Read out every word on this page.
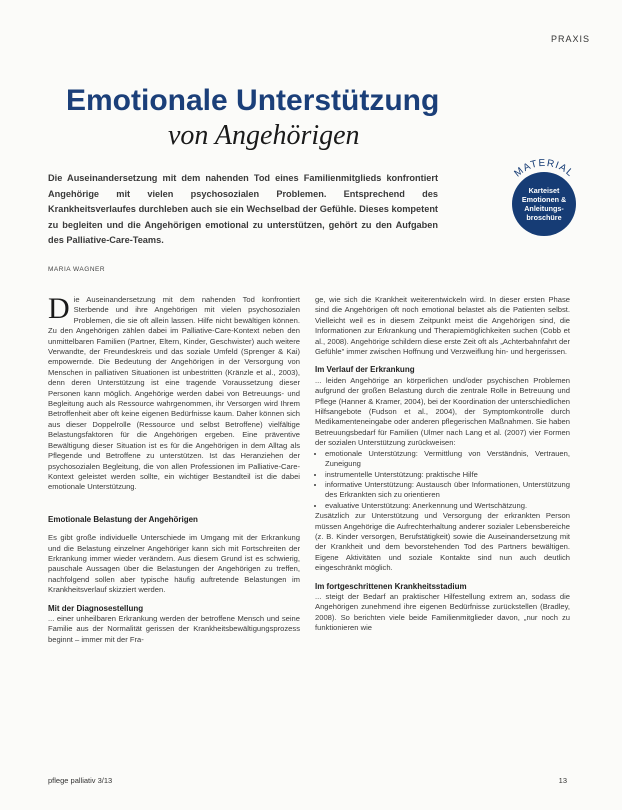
PRAXIS
Emotionale Unterstützung
von Angehörigen

Die Auseinandersetzung mit dem nahenden Tod eines Familienmitglieds konfrontiert Angehörige mit vielen psychosozialen Problemen. Entsprechend des Krankheitsverlaufes durchleben auch sie ein Wechselbad der Gefühle. Dieses kompetent zu begleiten und die Angehörigen emotional zu unterstützen, gehört zu den Aufgaben des Palliative-Care-Teams.

MATERIAL
Karteiset Emotionen & Anleitungs-broschüre
MARIA WAGNER

Die Auseinandersetzung mit dem nahenden Tod konfrontiert Sterbende und ihre Angehörigen mit vielen psychosozialen Problemen, die sie oft allein lassen. Hilfe nicht bewältigen können. Zu den Angehörigen zählen dabei im Palliative-Care-Kontext neben den unmittelbaren Familien (Partner, Eltern, Kinder, Geschwister) auch weitere Verwandte, der Freundeskreis und das soziale Umfeld (Sprenger & Kai) empowernde. Die Bedeutung der Angehörigen in der Versorgung von Menschen in palliativen Situationen ist unbestritten (Kränzle et al., 2003), denn deren Unterstützung ist eine tragende Voraussetzung dieser Personen kann möglich. Angehörige werden dabei von Betreuungs- und Begleitung auch als Ressource wahrgenommen, ihr Versorgen wird Ihrem Betroffenheit aber oft keine eigenen Bedürfnisse kaum. Daher können sich aus dieser Doppelrolle (Ressource und selbst Betroffene) vielfältige Belastungsfaktoren für die Angehörigen ergeben. Eine präventive Bewältigung dieser Situation ist es für die Angehörigen in dem Alltag als Pflegende und Betroffene zu unterstützen. Ist das Heranziehen der psychosozialen Begleitung, die von allen Professionen im Palliative-Care-Kontext geleistet werden sollte, ein wichtiger Bestandteil ist die dabei emotionale Unterstützung.

Emotionale Belastung der Angehörigen

Es gibt große individuelle Unterschiede im Umgang mit der Erkrankung und die Belastung einzelner Angehöriger kann sich mit Fortschreiten der Erkrankung immer wieder verändern. Aus diesem Grund ist es schwierig, pauschale Aussagen über die Belastungen der Angehörigen zu treffen, nachfolgend sollen aber typische häufig auftretende Belastungen im Krankheitsverlauf skizziert werden.

Mit der Diagnosestellung

... einer unheilbaren Erkrankung werden der betroffene Mensch und seine Familie aus der Normalität gerissen der Krankheitsbewältigungsprozess beginnt – immer mit der Fra-

ge, wie sich die Krankheit weiterentwickeln wird. In dieser ersten Phase sind die Angehörigen oft noch emotional belastet als die Patienten selbst. Vielleicht weil es in diesem Zeitpunkt meist die Angehörigen sind, die Informationen zur Erkrankung und Therapiemöglichkeiten suchen (Cobb et al., 2008). Angehörige schildern diese erste Zeit oft als „Achterbahnfahrt der Gefühle" immer zwischen Hoffnung und Verzweiflung hin- und hergerissen.

Im Verlauf der Erkrankung

... leiden Angehörige an körperlichen und/oder psychischen Problemen aufgrund der großen Belastung durch die zentrale Rolle in Betreuung und Pflege (Hanner & Kramer, 2004), bei der Koordination der unterschiedlichen Hilfsangebote (Fudson et al., 2004), der Symptomkontrolle durch Medikamenteneingabe oder anderen pflegerischen Maßnahmen. Sie haben Betreuungsbedarf für Familien (Ulmer nach Lang et al. (2007) vier Formen der sozialen Unterstützung zurückweisen:

• emotionale Unterstützung: Vermittlung von Verständnis, Vertrauen, Zuneigung
• instrumentelle Unterstützung: praktische Hilfe
• informative Unterstützung: Austausch über Informationen, Unterstützung des Erkrankten sich zu orientieren
• evaluative Unterstützung: Anerkennung und Wertschätzung.

Zusätzlich zur Unterstützung und Versorgung der erkrankten Person müssen Angehörige die Aufrechterhaltung anderer sozialer Lebensbereiche (z. B. Kinder versorgen, Berufstätigkeit) sowie die Auseinandersetzung mit der Krankheit und dem bevorstehenden Tod des Partners bewältigen. Eigene Aktivitäten und soziale Kontakte sind nun auch deutlich eingeschränkt möglich.

Im fortgeschrittenen Krankheitsstadium

... steigt der Bedarf an praktischer Hilfestellung extrem an, sodass die Angehörigen zunehmend ihre eigenen Bedürfnisse zurückstellen (Bradley, 2008). So berichten viele beide Familienmitglieder davon, „nur noch zu funktionieren wie

pflege palliativ 3/13	13
